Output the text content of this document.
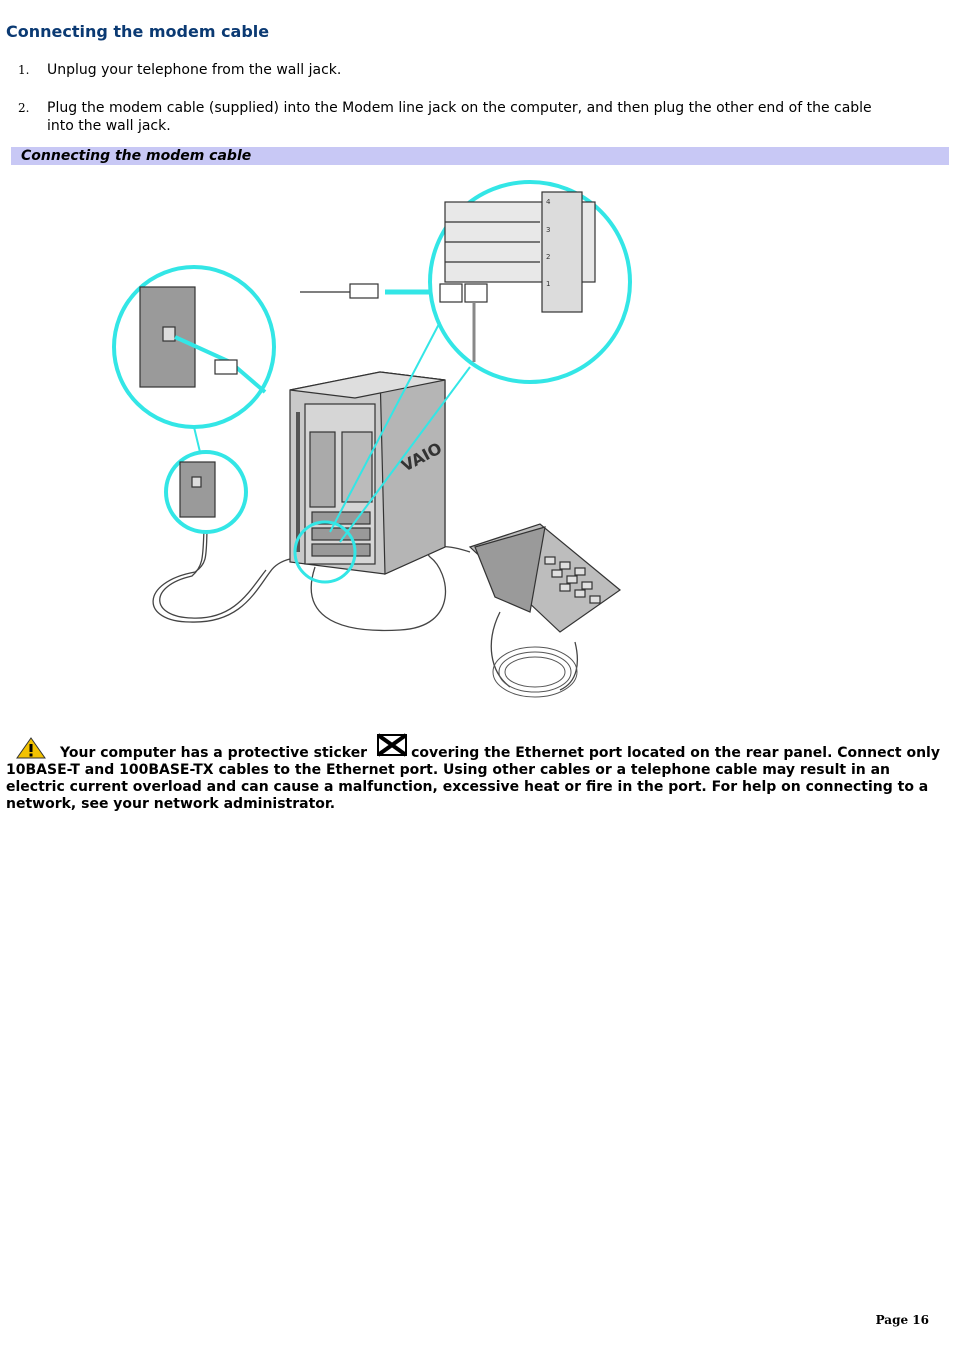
Connecting the modem cable
1. Unplug your telephone from the wall jack.
2. Plug the modem cable (supplied) into the Modem line jack on the computer, and then plug the other end of the cable into the wall jack.
Connecting the modem cable
VAIO
4
3
2
1
Your computer has a protective sticker	covering the Ethernet port located on the rear panel. Connect only 10BASE-T and 100BASE-TX cables to the Ethernet port. Using other cables or a telephone cable may result in an electric current overload and can cause a malfunction, excessive heat or fire in the port. For help on connecting to a network, see your network administrator.
Page 16
